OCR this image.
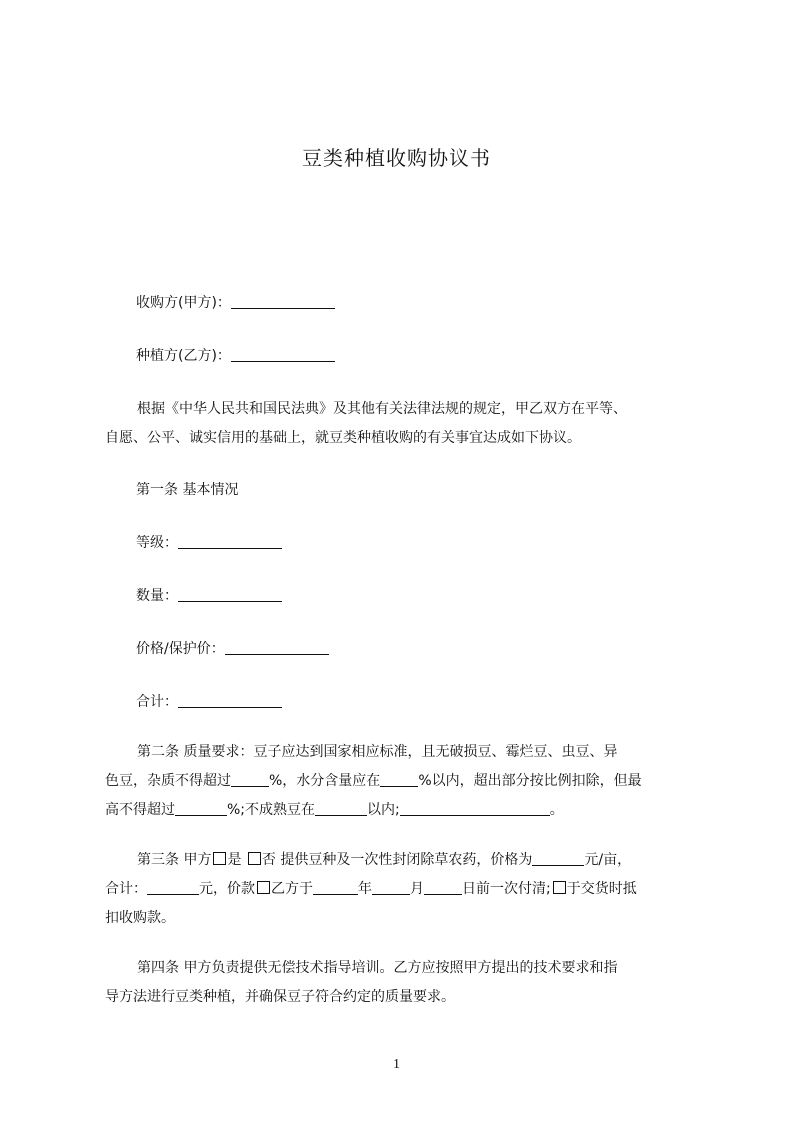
豆类种植收购协议书
收购方(甲方)：
种植方(乙方)：
根据《中华人民共和国民法典》及其他有关法律法规的规定，甲乙双方在平等、
自愿、公平、诚实信用的基础上，就豆类种植收购的有关事宜达成如下协议。
第一条 基本情况
等级：
数量：
价格/保护价：
合计：
第二条 质量要求：豆子应达到国家相应标准，且无破损豆、霉烂豆、虫豆、异
色豆，杂质不得超过	%，水分含量应在	%以内，超出部分按比例扣除，但最
高不得超过	%;不成熟豆在	以内;	。
第三条 甲方 是 否 提供豆种及一次性封闭除草农药，价格为	元/亩，
合计：	元，价款 乙方于	年	月	日前一次付清; 于交货时抵
扣收购款。
第四条 甲方负责提供无偿技术指导培训。乙方应按照甲方提出的技术要求和指
导方法进行豆类种植，并确保豆子符合约定的质量要求。
1
